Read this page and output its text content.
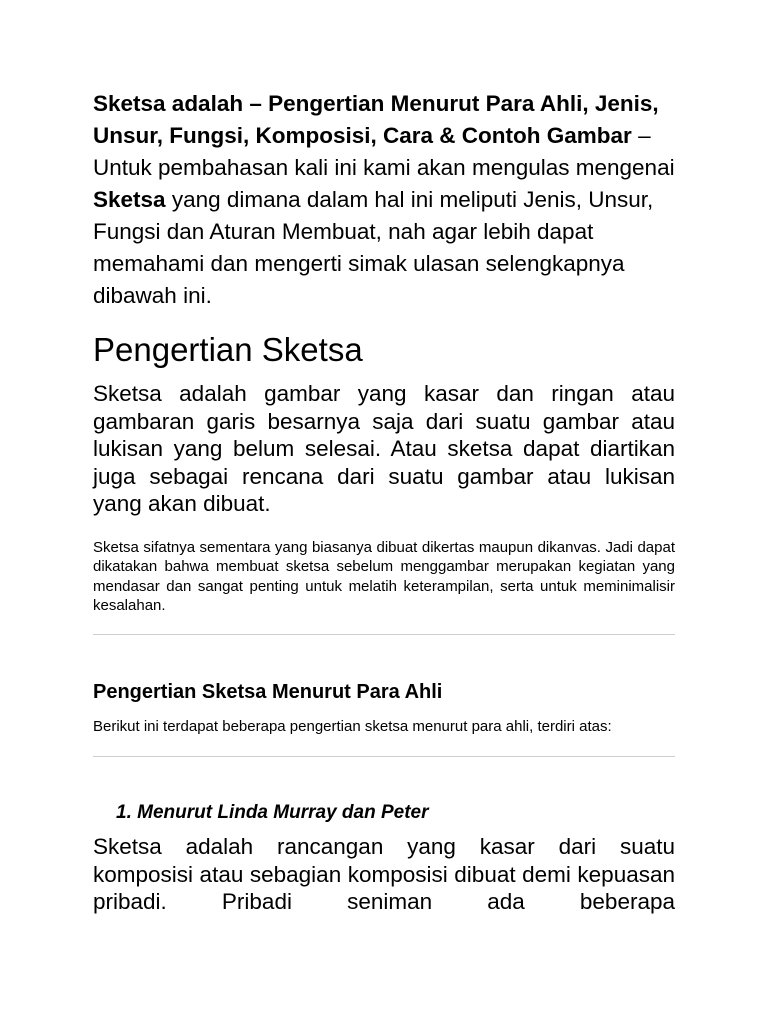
Sketsa adalah – Pengertian Menurut Para Ahli, Jenis, Unsur, Fungsi, Komposisi, Cara & Contoh Gambar – Untuk pembahasan kali ini kami akan mengulas mengenai Sketsa yang dimana dalam hal ini meliputi Jenis, Unsur, Fungsi dan Aturan Membuat, nah agar lebih dapat memahami dan mengerti simak ulasan selengkapnya dibawah ini.

Pengertian Sketsa

Sketsa adalah gambar yang kasar dan ringan atau gambaran garis besarnya saja dari suatu gambar atau lukisan yang belum selesai. Atau sketsa dapat diartikan juga sebagai rencana dari suatu gambar atau lukisan yang akan dibuat.

Sketsa sifatnya sementara yang biasanya dibuat dikertas maupun dikanvas. Jadi dapat dikatakan bahwa membuat sketsa sebelum menggambar merupakan kegiatan yang mendasar dan sangat penting untuk melatih keterampilan, serta untuk meminimalisir kesalahan.

Pengertian Sketsa Menurut Para Ahli

Berikut ini terdapat beberapa pengertian sketsa menurut para ahli, terdiri atas:

1. Menurut Linda Murray dan Peter

Sketsa adalah rancangan yang kasar dari suatu komposisi atau sebagian komposisi dibuat demi kepuasan pribadi. Pribadi seniman ada beberapa
